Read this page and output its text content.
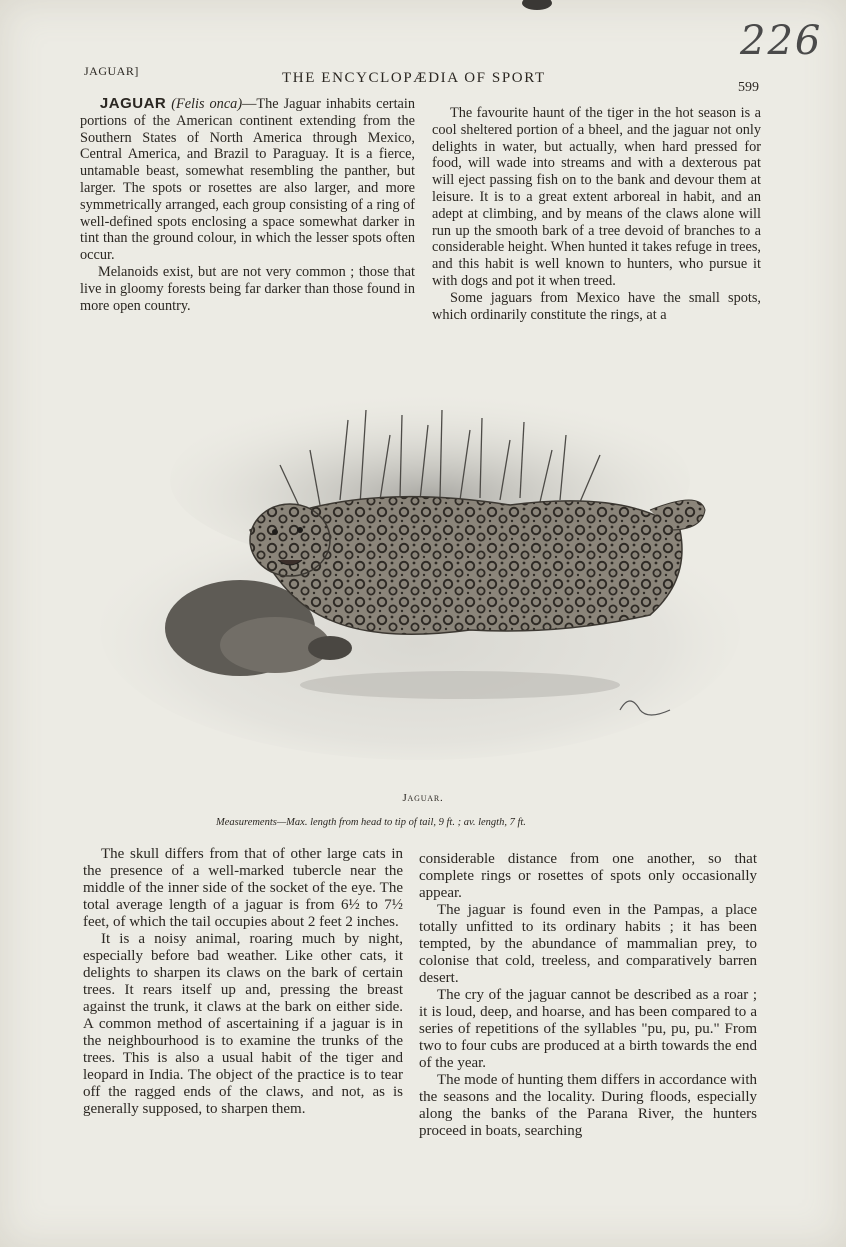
226
JAGUAR]	THE ENCYCLOPÆDIA OF SPORT
599

JAGUAR (Felis onca)—The Jaguar inhabits certain portions of the American continent extending from the Southern States of North America through Mexico, Central America, and Brazil to Paraguay. It is a fierce, untamable beast, somewhat resembling the panther, but larger. The spots or rosettes are also larger, and more symmetrically arranged, each group consisting of a ring of well-defined spots enclosing a space somewhat darker in tint than the ground colour, in which the lesser spots often occur.

Melanoids exist, but are not very common ; those that live in gloomy forests being far darker than those found in more open country.

The favourite haunt of the tiger in the hot season is a cool sheltered portion of a bheel, and the jaguar not only delights in water, but actually, when hard pressed for food, will wade into streams and with a dexterous pat will eject passing fish on to the bank and devour them at leisure. It is to a great extent arboreal in habit, and an adept at climbing, and by means of the claws alone will run up the smooth bark of a tree devoid of branches to a considerable height. When hunted it takes refuge in trees, and this habit is well known to hunters, who pursue it with dogs and pot it when treed.

Some jaguars from Mexico have the small spots, which ordinarily constitute the rings, at a

Jaguar.
Measurements—Max. length from head to tip of tail, 9 ft. ; av. length, 7 ft.

The skull differs from that of other large cats in the presence of a well-marked tubercle near the middle of the inner side of the socket of the eye. The total average length of a jaguar is from 6½ to 7½ feet, of which the tail occupies about 2 feet 2 inches.

It is a noisy animal, roaring much by night, especially before bad weather. Like other cats, it delights to sharpen its claws on the bark of certain trees. It rears itself up and, pressing the breast against the trunk, it claws at the bark on either side. A common method of ascertaining if a jaguar is in the neighbourhood is to examine the trunks of the trees. This is also a usual habit of the tiger and leopard in India. The object of the practice is to tear off the ragged ends of the claws, and not, as is generally supposed, to sharpen them.

considerable distance from one another, so that complete rings or rosettes of spots only occasionally appear.

The jaguar is found even in the Pampas, a place totally unfitted to its ordinary habits ; it has been tempted, by the abundance of mammalian prey, to colonise that cold, treeless, and comparatively barren desert.

The cry of the jaguar cannot be described as a roar ; it is loud, deep, and hoarse, and has been compared to a series of repetitions of the syllables "pu, pu, pu." From two to four cubs are produced at a birth towards the end of the year.

The mode of hunting them differs in accordance with the seasons and the locality. During floods, especially along the banks of the Parana River, the hunters proceed in boats, searching
